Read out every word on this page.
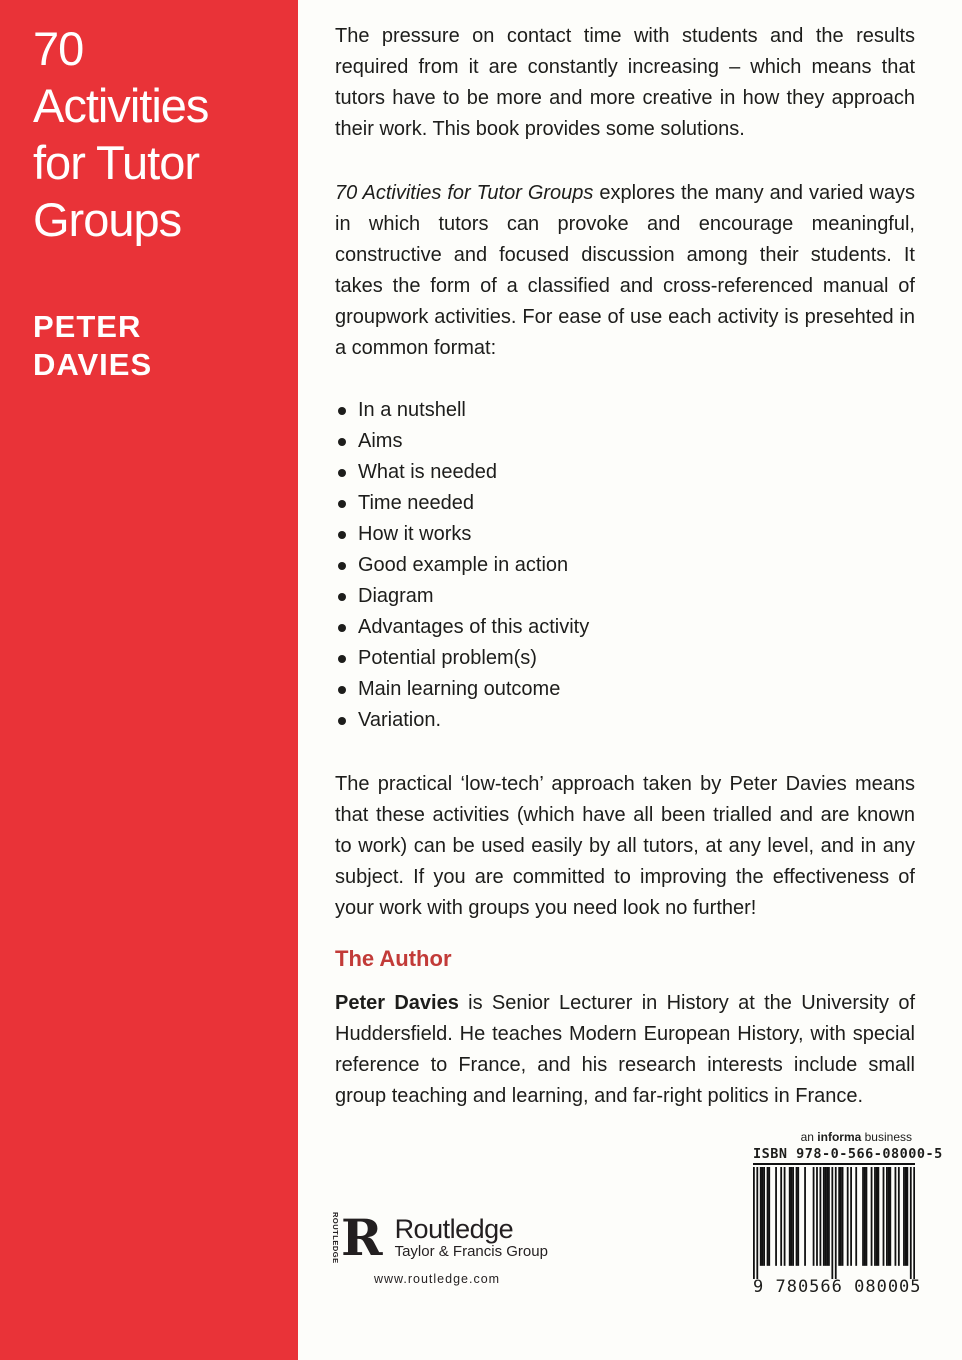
70
Activities
for Tutor
Groups
PETER
DAVIES

The pressure on contact time with students and the results required from it are constantly increasing – which means that tutors have to be more and more creative in how they approach their work. This book provides some solutions.

70 Activities for Tutor Groups explores the many and varied ways in which tutors can provoke and encourage meaningful, constructive and focused discussion among their students. It takes the form of a classified and cross-referenced manual of groupwork activities. For ease of use each activity is presehted in a common format:

In a nutshell
Aims
What is needed
Time needed
How it works
Good example in action
Diagram
Advantages of this activity
Potential problem(s)
Main learning outcome
Variation.

The practical ‘low-tech’ approach taken by Peter Davies means that these activities (which have all been trialled and are known to work) can be used easily by all tutors, at any level, and in any subject. If you are committed to improving the effectiveness of your work with groups you need look no further!

The Author

Peter Davies is Senior Lecturer in History at the University of Huddersfield. He teaches Modern European History, with special reference to France, and his research interests include small group teaching and learning, and far-right politics in France.

an informa business
ISBN 978-0-566-08000-5
9 780566 080005
ROUTLEDGE R Routledge
Taylor & Francis Group
www.routledge.com
